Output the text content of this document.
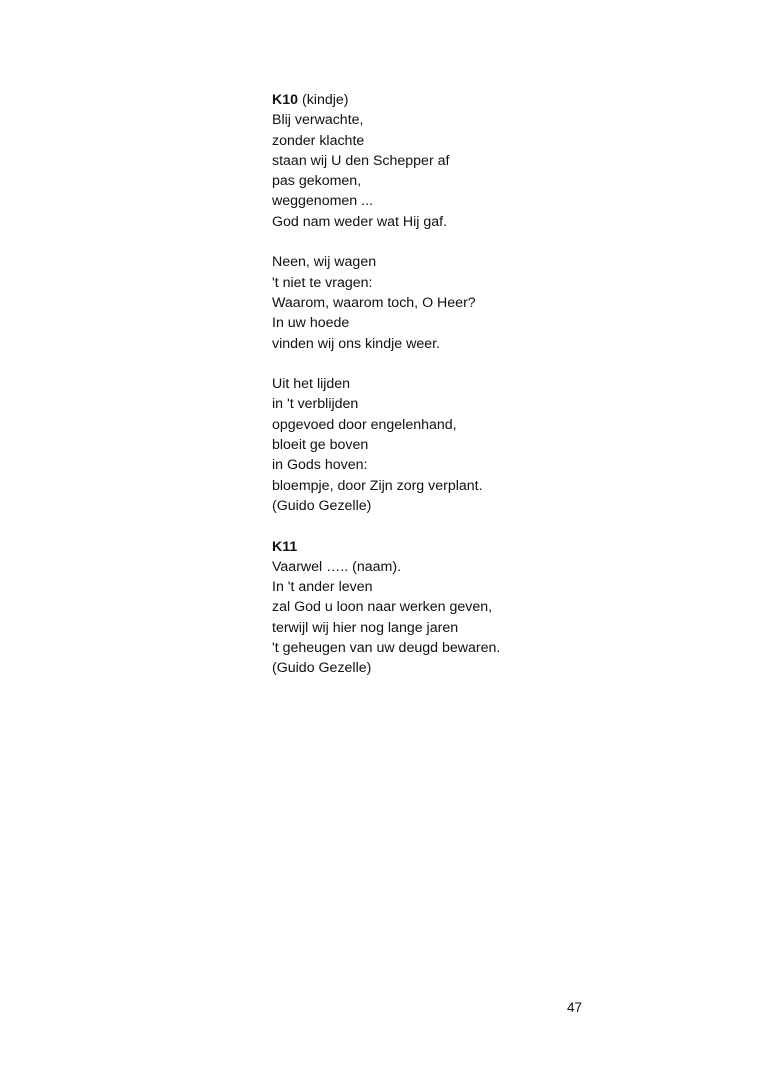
K10 (kindje)
Blij verwachte,
zonder klachte
staan wij U den Schepper af
pas gekomen,
weggenomen ...
God nam weder wat Hij gaf.
Neen, wij wagen
't niet te vragen:
Waarom, waarom toch, O Heer?
In uw hoede
vinden wij ons kindje weer.
Uit het lijden
in 't verblijden
opgevoed door engelenhand,
bloeit ge boven
in Gods hoven:
bloempje, door Zijn zorg verplant.
(Guido Gezelle)
K11
Vaarwel ….. (naam).
In 't ander leven
zal God u loon naar werken geven,
terwijl wij hier nog lange jaren
't geheugen van uw deugd bewaren.
(Guido Gezelle)
47
